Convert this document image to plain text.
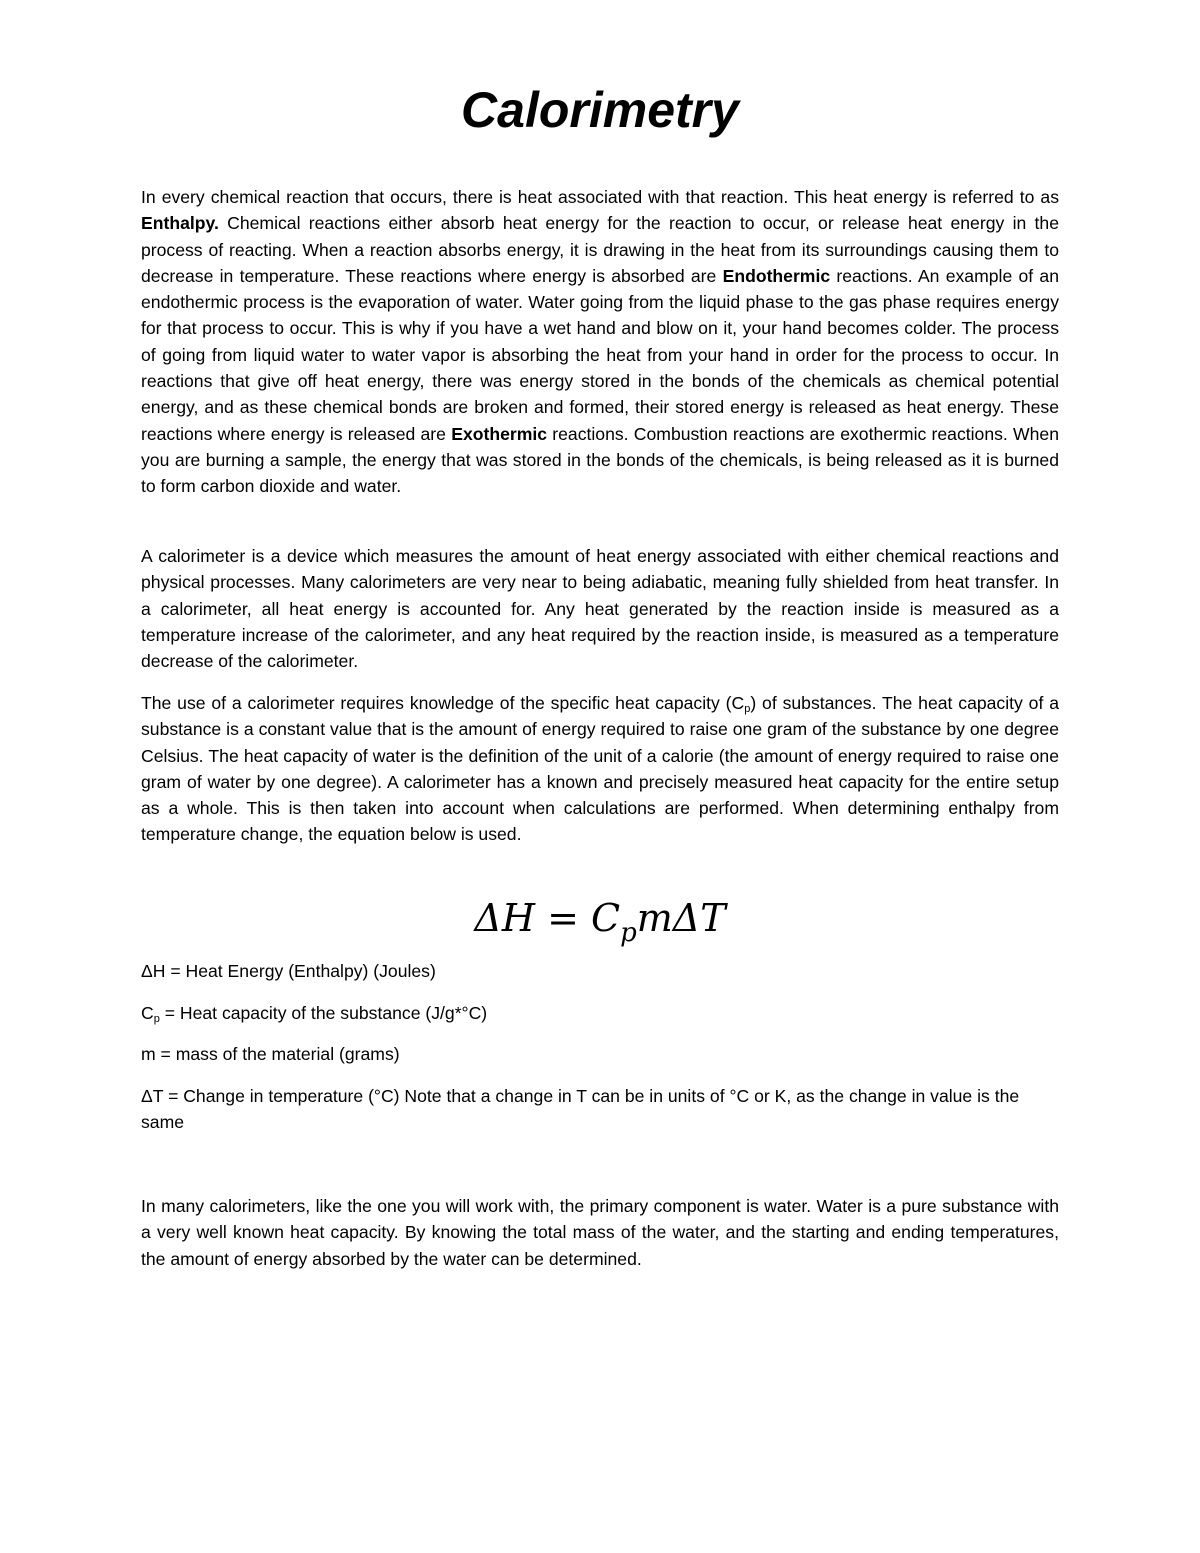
Calorimetry

In every chemical reaction that occurs, there is heat associated with that reaction. This heat energy is referred to as Enthalpy. Chemical reactions either absorb heat energy for the reaction to occur, or release heat energy in the process of reacting. When a reaction absorbs energy, it is drawing in the heat from its surroundings causing them to decrease in temperature. These reactions where energy is absorbed are Endothermic reactions. An example of an endothermic process is the evaporation of water. Water going from the liquid phase to the gas phase requires energy for that process to occur. This is why if you have a wet hand and blow on it, your hand becomes colder. The process of going from liquid water to water vapor is absorbing the heat from your hand in order for the process to occur. In reactions that give off heat energy, there was energy stored in the bonds of the chemicals as chemical potential energy, and as these chemical bonds are broken and formed, their stored energy is released as heat energy. These reactions where energy is released are Exothermic reactions. Combustion reactions are exothermic reactions. When you are burning a sample, the energy that was stored in the bonds of the chemicals, is being released as it is burned to form carbon dioxide and water.

A calorimeter is a device which measures the amount of heat energy associated with either chemical reactions and physical processes. Many calorimeters are very near to being adiabatic, meaning fully shielded from heat transfer. In a calorimeter, all heat energy is accounted for. Any heat generated by the reaction inside is measured as a temperature increase of the calorimeter, and any heat required by the reaction inside, is measured as a temperature decrease of the calorimeter.

The use of a calorimeter requires knowledge of the specific heat capacity $(C_p)$ of substances. The heat capacity of a substance is a constant value that is the amount of energy required to raise one gram of the substance by one degree Celsius. The heat capacity of water is the definition of the unit of a calorie (the amount of energy required to raise one gram of water by one degree). A calorimeter has a known and precisely measured heat capacity for the entire setup as a whole. This is then taken into account when calculations are performed. When determining enthalpy from temperature change, the equation below is used.

$\Delta H = C_pm\Delta T$

ΔH = Heat Energy (Enthalpy) (Joules)

$C_p$ = Heat capacity of the substance (J/g*°C)

m = mass of the material (grams)

ΔT = Change in temperature (°C) Note that a change in T can be in units of °C or K, as the change in value is the same

In many calorimeters, like the one you will work with, the primary component is water. Water is a pure substance with a very well known heat capacity. By knowing the total mass of the water, and the starting and ending temperatures, the amount of energy absorbed by the water can be determined.
